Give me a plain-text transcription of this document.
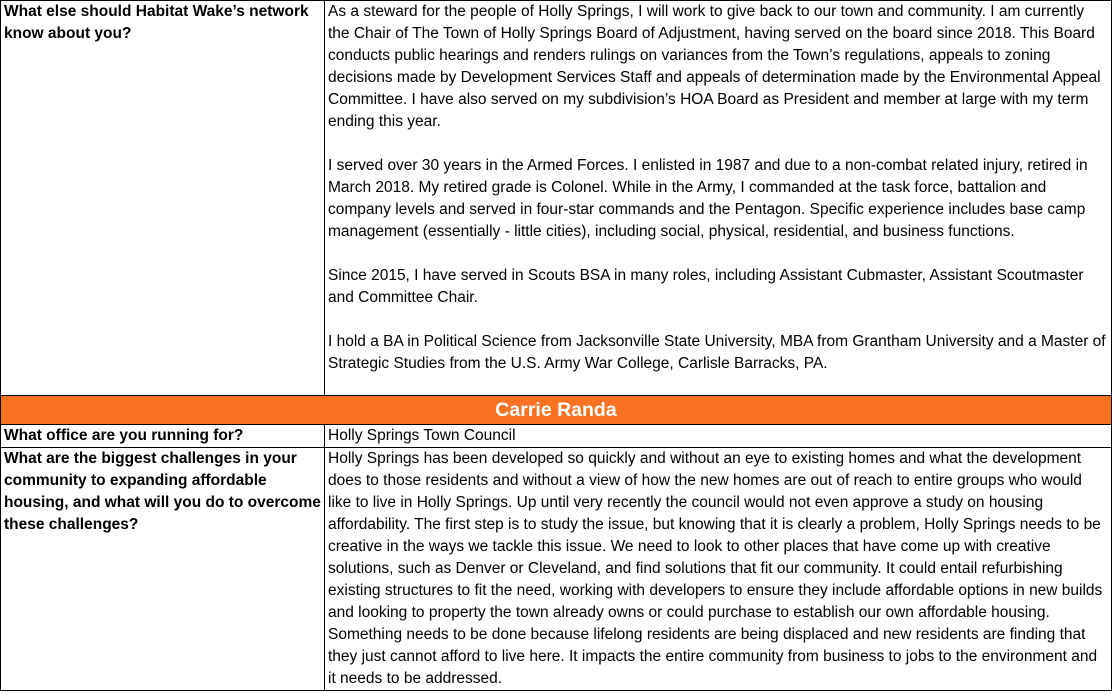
What else should Habitat Wake’s network know about you?	As a steward for the people of Holly Springs, I will work to give back to our town and community. I am currently the Chair of The Town of Holly Springs Board of Adjustment, having served on the board since 2018. This Board conducts public hearings and renders rulings on variances from the Town’s regulations, appeals to zoning decisions made by Development Services Staff and appeals of determination made by the Environmental Appeal Committee. I have also served on my subdivision’s HOA Board as President and member at large with my term ending this year.

I served over 30 years in the Armed Forces. I enlisted in 1987 and due to a non-combat related injury, retired in March 2018. My retired grade is Colonel. While in the Army, I commanded at the task force, battalion and company levels and served in four-star commands and the Pentagon. Specific experience includes base camp management (essentially - little cities), including social, physical, residential, and business functions.

Since 2015, I have served in Scouts BSA in many roles, including Assistant Cubmaster, Assistant Scoutmaster and Committee Chair.

I hold a BA in Political Science from Jacksonville State University, MBA from Grantham University and a Master of Strategic Studies from the U.S. Army War College, Carlisle Barracks, PA.

Carrie Randa	
What office are you running for?	Holly Springs Town Council
What are the biggest challenges in your community to expanding affordable housing, and what will you do to overcome these challenges?	Holly Springs has been developed so quickly and without an eye to existing homes and what the development does to those residents and without a view of how the new homes are out of reach to entire groups who would like to live in Holly Springs. Up until very recently the council would not even approve a study on housing affordability. The first step is to study the issue, but knowing that it is clearly a problem, Holly Springs needs to be creative in the ways we tackle this issue. We need to look to other places that have come up with creative solutions, such as Denver or Cleveland, and find solutions that fit our community. It could entail refurbishing existing structures to fit the need, working with developers to ensure they include affordable options in new builds and looking to property the town already owns or could purchase to establish our own affordable housing. Something needs to be done because lifelong residents are being displaced and new residents are finding that they just cannot afford to live here. It impacts the entire community from business to jobs to the environment and it needs to be addressed.
